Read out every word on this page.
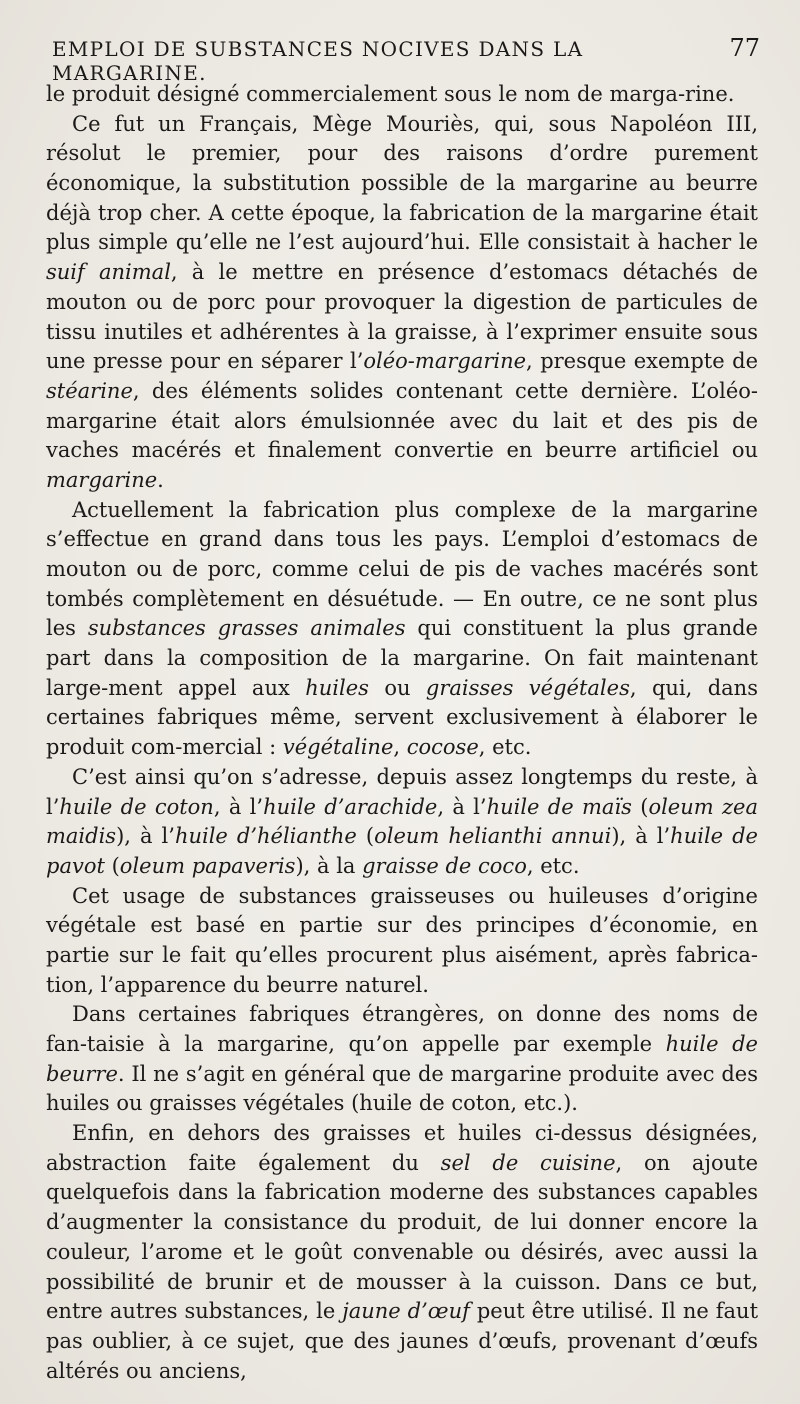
EMPLOI DE SUBSTANCES NOCIVES DANS LA MARGARINE.
77

le produit désigné commercialement sous le nom de marga-rine.

Ce fut un Français, Mège Mouriès, qui, sous Napoléon III, résolut le premier, pour des raisons d’ordre purement économique, la substitution possible de la margarine au beurre déjà trop cher. A cette époque, la fabrication de la margarine était plus simple qu’elle ne l’est aujourd’hui. Elle consistait à hacher le suif animal, à le mettre en présence d’estomacs détachés de mouton ou de porc pour provoquer la digestion de particules de tissu inutiles et adhérentes à la graisse, à l’exprimer ensuite sous une presse pour en séparer l’oléo-margarine, presque exempte de stéarine, des éléments solides contenant cette dernière. L’oléo-margarine était alors émulsionnée avec du lait et des pis de vaches macérés et finalement convertie en beurre artificiel ou margarine.

Actuellement la fabrication plus complexe de la margarine s’effectue en grand dans tous les pays. L’emploi d’estomacs de mouton ou de porc, comme celui de pis de vaches macérés sont tombés complètement en désuétude. — En outre, ce ne sont plus les substances grasses animales qui constituent la plus grande part dans la composition de la margarine. On fait maintenant large-ment appel aux huiles ou graisses végétales, qui, dans certaines fabriques même, servent exclusivement à élaborer le produit com-mercial : végétaline, cocose, etc.

C’est ainsi qu’on s’adresse, depuis assez longtemps du reste, à l’huile de coton, à l’huile d’arachide, à l’huile de maïs (oleum zea maidis), à l’huile d’hélianthe (oleum helianthi annui), à l’huile de pavot (oleum papaveris), à la graisse de coco, etc.

Cet usage de substances graisseuses ou huileuses d’origine végétale est basé en partie sur des principes d’économie, en partie sur le fait qu’elles procurent plus aisément, après fabrica-tion, l’apparence du beurre naturel.

Dans certaines fabriques étrangères, on donne des noms de fan-taisie à la margarine, qu’on appelle par exemple huile de beurre. Il ne s’agit en général que de margarine produite avec des huiles ou graisses végétales (huile de coton, etc.).

Enfin, en dehors des graisses et huiles ci-dessus désignées, abstraction faite également du sel de cuisine, on ajoute quelquefois dans la fabrication moderne des substances capables d’augmenter la consistance du produit, de lui donner encore la couleur, l’arome et le goût convenable ou désirés, avec aussi la possibilité de brunir et de mousser à la cuisson. Dans ce but, entre autres substances, le jaune d’œuf peut être utilisé. Il ne faut pas oublier, à ce sujet, que des jaunes d’œufs, provenant d’œufs altérés ou anciens,
